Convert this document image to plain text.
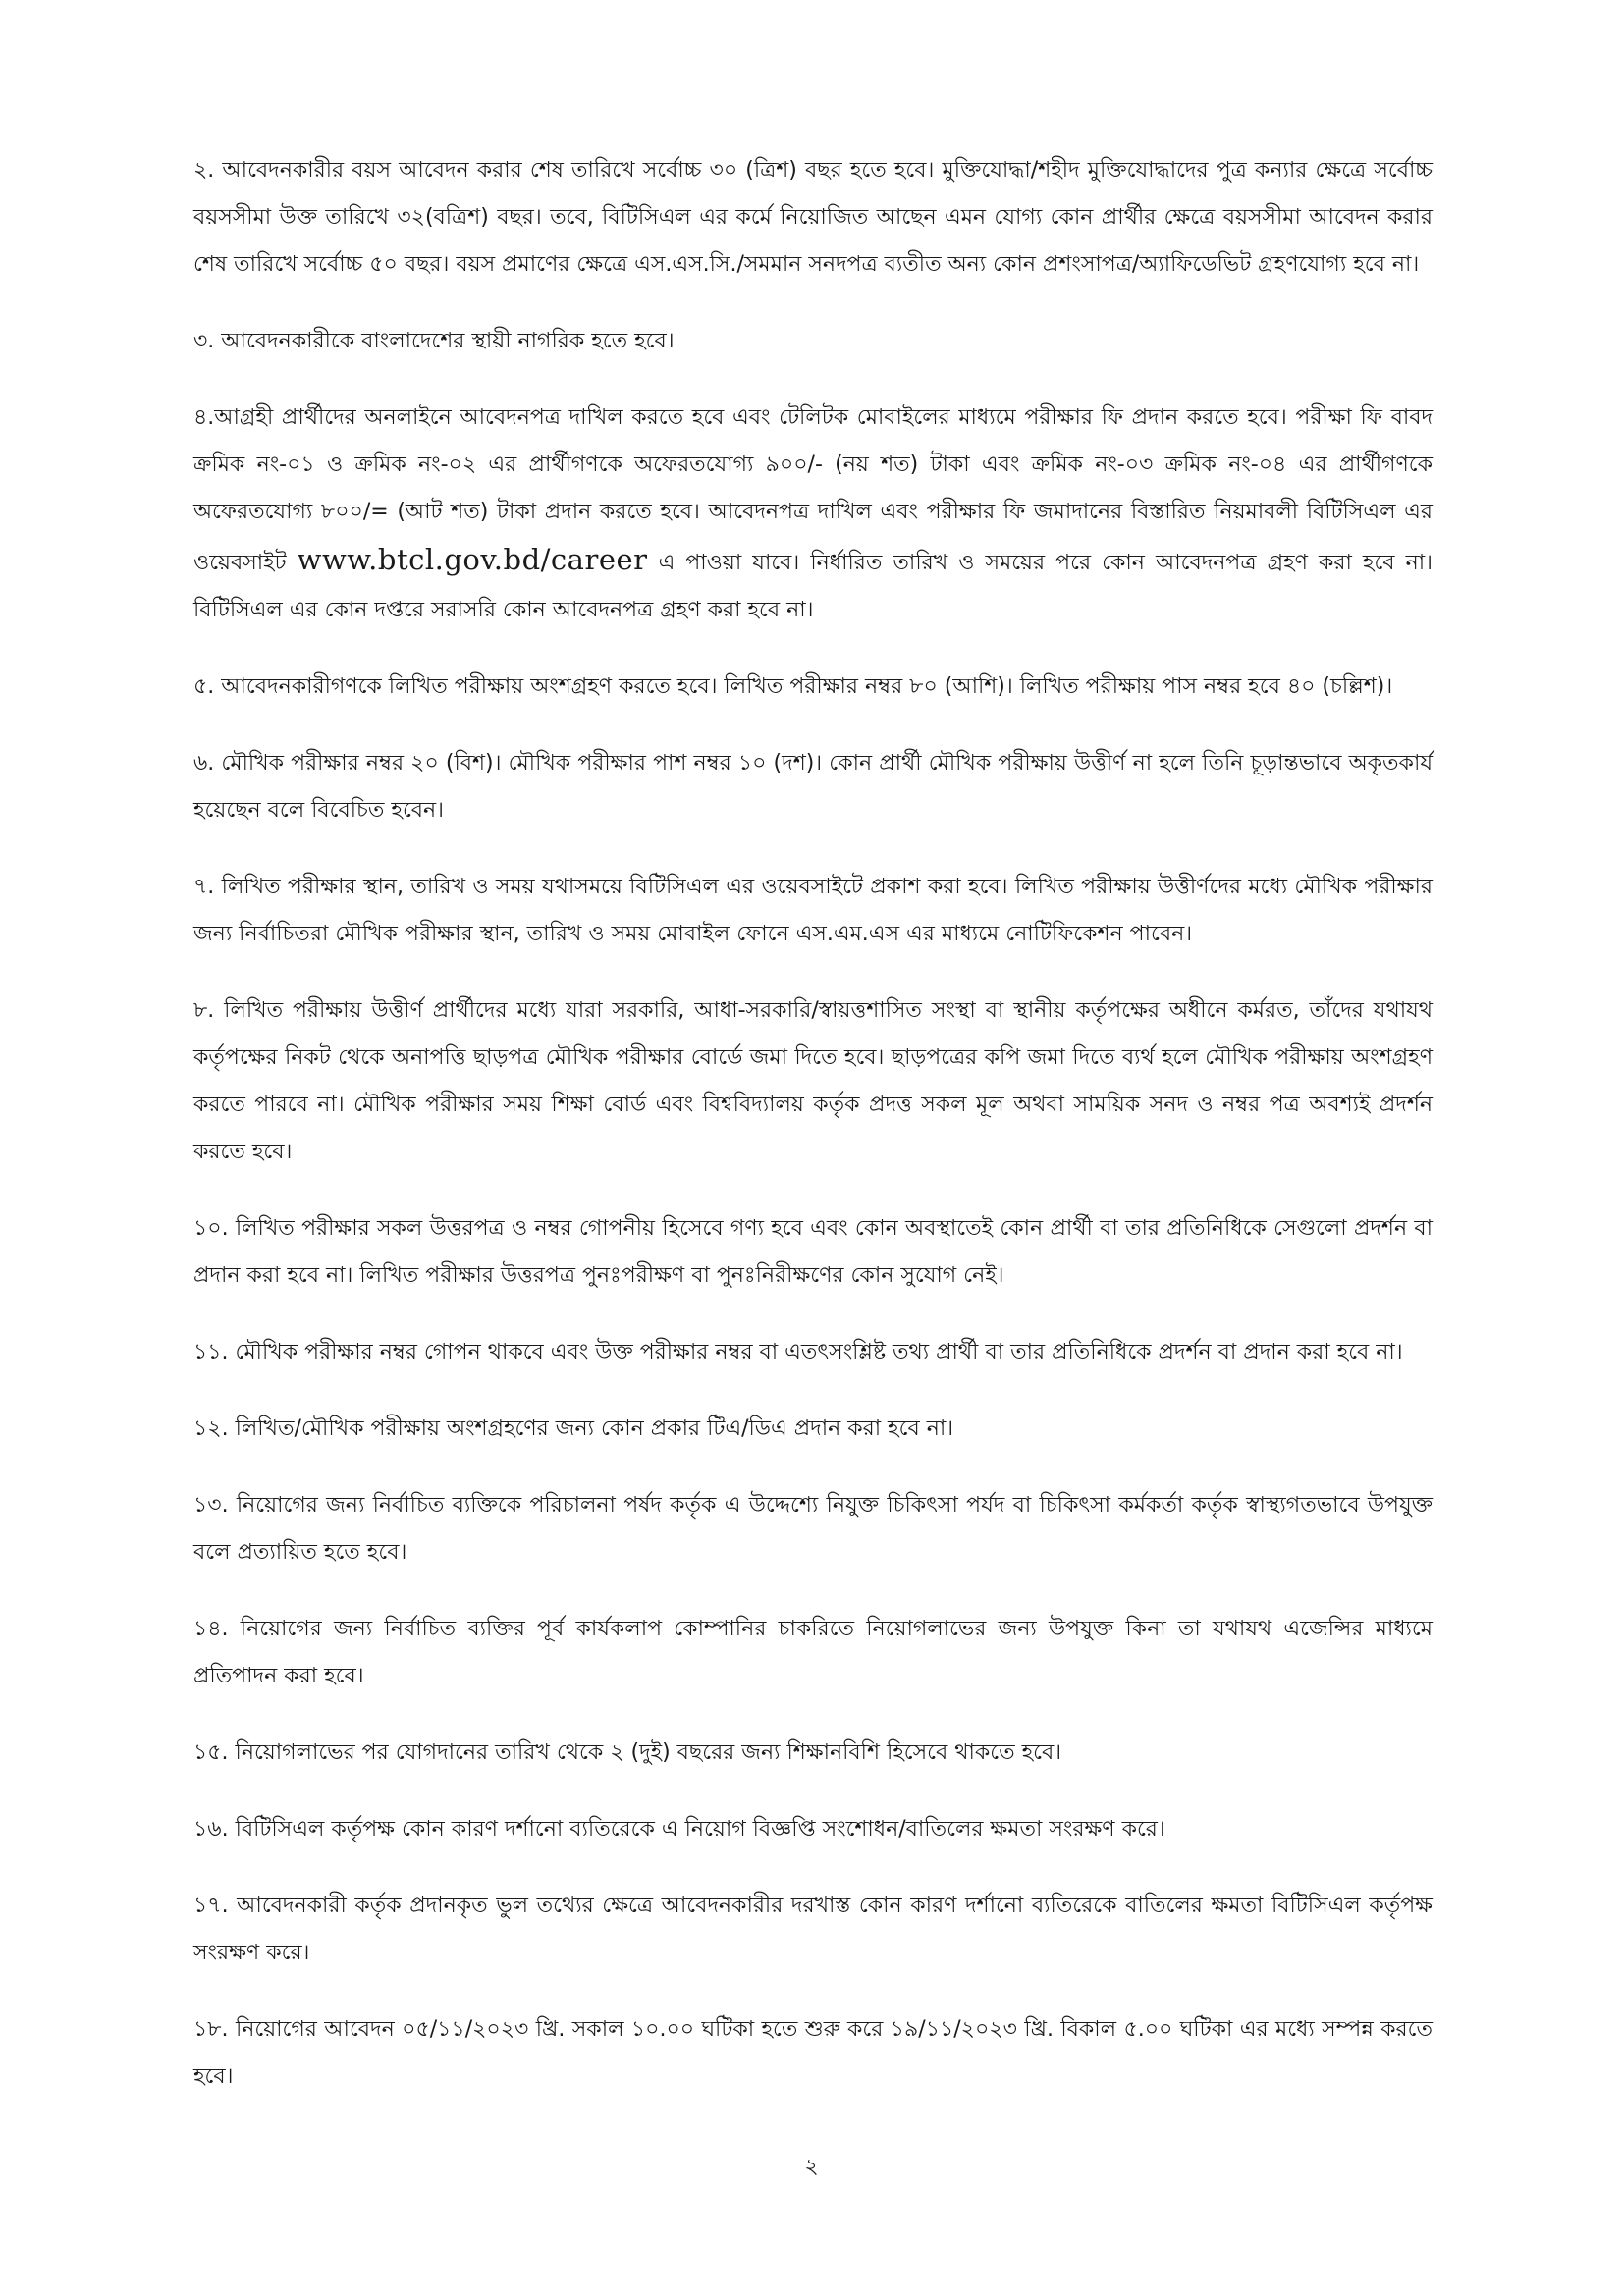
২. আবেদনকারীর বয়স আবেদন করার শেষ তারিখে সর্বোচ্চ ৩০ (ত্রিশ) বছর হতে হবে। মুক্তিযোদ্ধা/শহীদ মুক্তিযোদ্ধাদের পুত্র কন্যার ক্ষেত্রে সর্বোচ্চ বয়সসীমা উক্ত তারিখে ৩২(বত্রিশ) বছর। তবে, বিটিসিএল এর কর্মে নিয়োজিত আছেন এমন যোগ্য কোন প্রার্থীর ক্ষেত্রে বয়সসীমা আবেদন করার শেষ তারিখে সর্বোচ্চ ৫০ বছর। বয়স প্রমাণের ক্ষেত্রে এস.এস.সি./সমমান সনদপত্র ব্যতীত অন্য কোন প্রশংসাপত্র/অ্যাফিডেভিট গ্রহণযোগ্য হবে না।

৩. আবেদনকারীকে বাংলাদেশের স্থায়ী নাগরিক হতে হবে।

৪.আগ্রহী প্রার্থীদের অনলাইনে আবেদনপত্র দাখিল করতে হবে এবং টেলিটক মোবাইলের মাধ্যমে পরীক্ষার ফি প্রদান করতে হবে। পরীক্ষা ফি বাবদ ক্রমিক নং-০১ ও ক্রমিক নং-০২ এর প্রার্থীগণকে অফেরতযোগ্য ৯০০/- (নয় শত) টাকা এবং ক্রমিক নং-০৩ ক্রমিক নং-০৪ এর প্রার্থীগণকে অফেরতযোগ্য ৮০০/= (আট শত) টাকা প্রদান করতে হবে। আবেদনপত্র দাখিল এবং পরীক্ষার ফি জমাদানের বিস্তারিত নিয়মাবলী বিটিসিএল এর ওয়েবসাইট www.btcl.gov.bd/career এ পাওয়া যাবে। নির্ধারিত তারিখ ও সময়ের পরে কোন আবেদনপত্র গ্রহণ করা হবে না। বিটিসিএল এর কোন দপ্তরে সরাসরি কোন আবেদনপত্র গ্রহণ করা হবে না।

৫. আবেদনকারীগণকে লিখিত পরীক্ষায় অংশগ্রহণ করতে হবে। লিখিত পরীক্ষার নম্বর ৮০ (আশি)। লিখিত পরীক্ষায় পাস নম্বর হবে ৪০ (চল্লিশ)।

৬. মৌখিক পরীক্ষার নম্বর ২০ (বিশ)। মৌখিক পরীক্ষার পাশ নম্বর ১০ (দশ)। কোন প্রার্থী মৌখিক পরীক্ষায় উত্তীর্ণ না হলে তিনি চূড়ান্তভাবে অকৃতকার্য হয়েছেন বলে বিবেচিত হবেন।

৭. লিখিত পরীক্ষার স্থান, তারিখ ও সময় যথাসময়ে বিটিসিএল এর ওয়েবসাইটে প্রকাশ করা হবে। লিখিত পরীক্ষায় উত্তীর্ণদের মধ্যে মৌখিক পরীক্ষার জন্য নির্বাচিতরা মৌখিক পরীক্ষার স্থান, তারিখ ও সময় মোবাইল ফোনে এস.এম.এস এর মাধ্যমে নোটিফিকেশন পাবেন।

৮. লিখিত পরীক্ষায় উত্তীর্ণ প্রার্থীদের মধ্যে যারা সরকারি, আধা-সরকারি/স্বায়ত্তশাসিত সংস্থা বা স্থানীয় কর্তৃপক্ষের অধীনে কর্মরত, তাঁদের যথাযথ কর্তৃপক্ষের নিকট থেকে অনাপত্তি ছাড়পত্র মৌখিক পরীক্ষার বোর্ডে জমা দিতে হবে। ছাড়পত্রের কপি জমা দিতে ব্যর্থ হলে মৌখিক পরীক্ষায় অংশগ্রহণ করতে পারবে না। মৌখিক পরীক্ষার সময় শিক্ষা বোর্ড এবং বিশ্ববিদ্যালয় কর্তৃক প্রদত্ত সকল মূল অথবা সাময়িক সনদ ও নম্বর পত্র অবশ্যই প্রদর্শন করতে হবে।

১০. লিখিত পরীক্ষার সকল উত্তরপত্র ও নম্বর গোপনীয় হিসেবে গণ্য হবে এবং কোন অবস্থাতেই কোন প্রার্থী বা তার প্রতিনিধিকে সেগুলো প্রদর্শন বা প্রদান করা হবে না। লিখিত পরীক্ষার উত্তরপত্র পুনঃপরীক্ষণ বা পুনঃনিরীক্ষণের কোন সুযোগ নেই।

১১. মৌখিক পরীক্ষার নম্বর গোপন থাকবে এবং উক্ত পরীক্ষার নম্বর বা এতৎসংশ্লিষ্ট তথ্য প্রার্থী বা তার প্রতিনিধিকে প্রদর্শন বা প্রদান করা হবে না।

১২. লিখিত/মৌখিক পরীক্ষায় অংশগ্রহণের জন্য কোন প্রকার টিএ/ডিএ প্রদান করা হবে না।

১৩. নিয়োগের জন্য নির্বাচিত ব্যক্তিকে পরিচালনা পর্ষদ কর্তৃক এ উদ্দেশ্যে নিযুক্ত চিকিৎসা পর্যদ বা চিকিৎসা কর্মকর্তা কর্তৃক স্বাস্থ্যগতভাবে উপযুক্ত বলে প্রত্যায়িত হতে হবে।

১৪. নিয়োগের জন্য নির্বাচিত ব্যক্তির পূর্ব কার্যকলাপ কোম্পানির চাকরিতে নিয়োগলাভের জন্য উপযুক্ত কিনা তা যথাযথ এজেন্সির মাধ্যমে প্রতিপাদন করা হবে।

১৫. নিয়োগলাভের পর যোগদানের তারিখ থেকে ২ (দুই) বছরের জন্য শিক্ষানবিশি হিসেবে থাকতে হবে।

১৬. বিটিসিএল কর্তৃপক্ষ কোন কারণ দর্শানো ব্যতিরেকে এ নিয়োগ বিজ্ঞপ্তি সংশোধন/বাতিলের ক্ষমতা সংরক্ষণ করে।

১৭. আবেদনকারী কর্তৃক প্রদানকৃত ভুল তথ্যের ক্ষেত্রে আবেদনকারীর দরখাস্ত কোন কারণ দর্শানো ব্যতিরেকে বাতিলের ক্ষমতা বিটিসিএল কর্তৃপক্ষ সংরক্ষণ করে।

১৮. নিয়োগের আবেদন ০৫/১১/২০২৩ খ্রি. সকাল ১০.০০ ঘটিকা হতে শুরু করে ১৯/১১/২০২৩ খ্রি. বিকাল ৫.০০ ঘটিকা এর মধ্যে সম্পন্ন করতে হবে।

২
